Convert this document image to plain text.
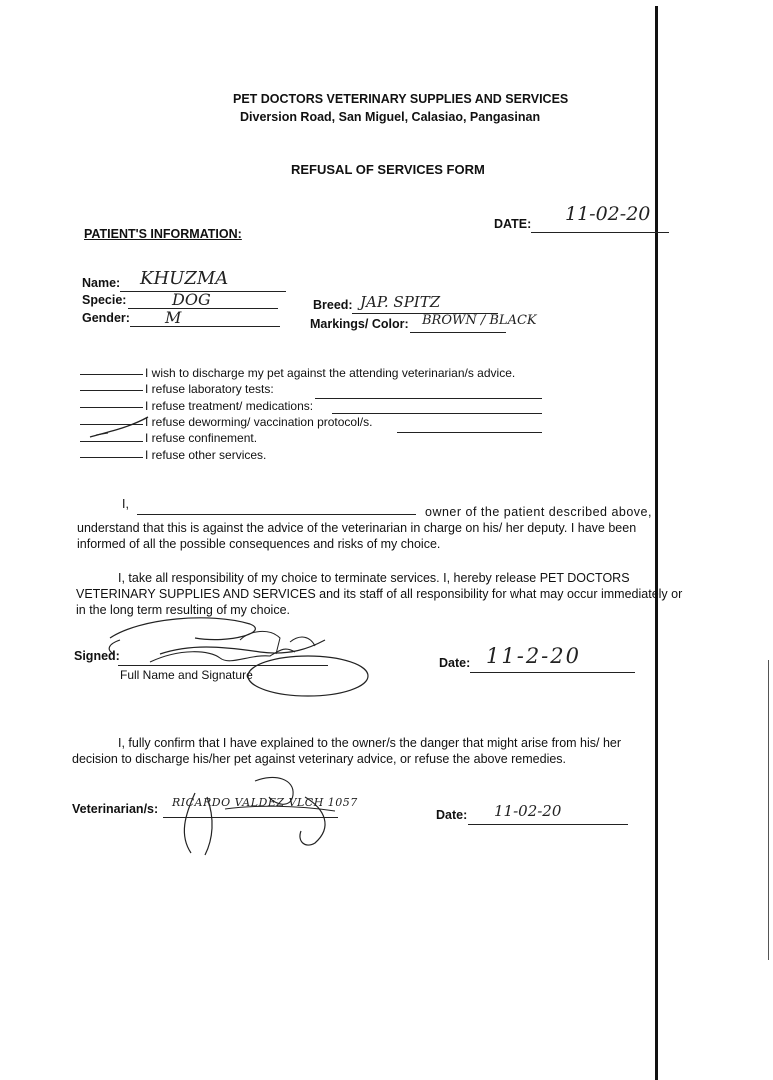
PET DOCTORS VETERINARY SUPPLIES AND SERVICES
Diversion Road, San Miguel, Calasiao, Pangasinan
REFUSAL OF SERVICES FORM
DATE: 11-02-20
PATIENT'S INFORMATION:
Name: KHUZMA
Specie:	DOG
Gender: M
Breed: JAP. SPITZ
Markings/ Color: BROWN / BLACK
I wish to discharge my pet against the attending veterinarian/s advice.
I refuse laboratory tests:
I refuse treatment/ medications:
I refuse deworming/ vaccination protocol/s.
I refuse confinement.
I refuse other services.
I,
owner of the patient described above,
understand that this is against the advice of the veterinarian in charge on his/ her deputy. I have been
informed of all the possible consequences and risks of my choice.
I, take all responsibility of my choice to terminate services. I, hereby release PET DOCTORS
VETERINARY SUPPLIES AND SERVICES and its staff of all responsibility for what may occur immediately or
in the long term resulting of my choice.
Signed:
Full Name and Signature
Date: 11-2-20
I, fully confirm that I have explained to the owner/s the danger that might arise from his/ her
decision to discharge his/her pet against veterinary advice, or refuse the above remedies.
Veterinarian/s: RICARDO VALDEZ VLCH 1057
Date: 11-02-20
